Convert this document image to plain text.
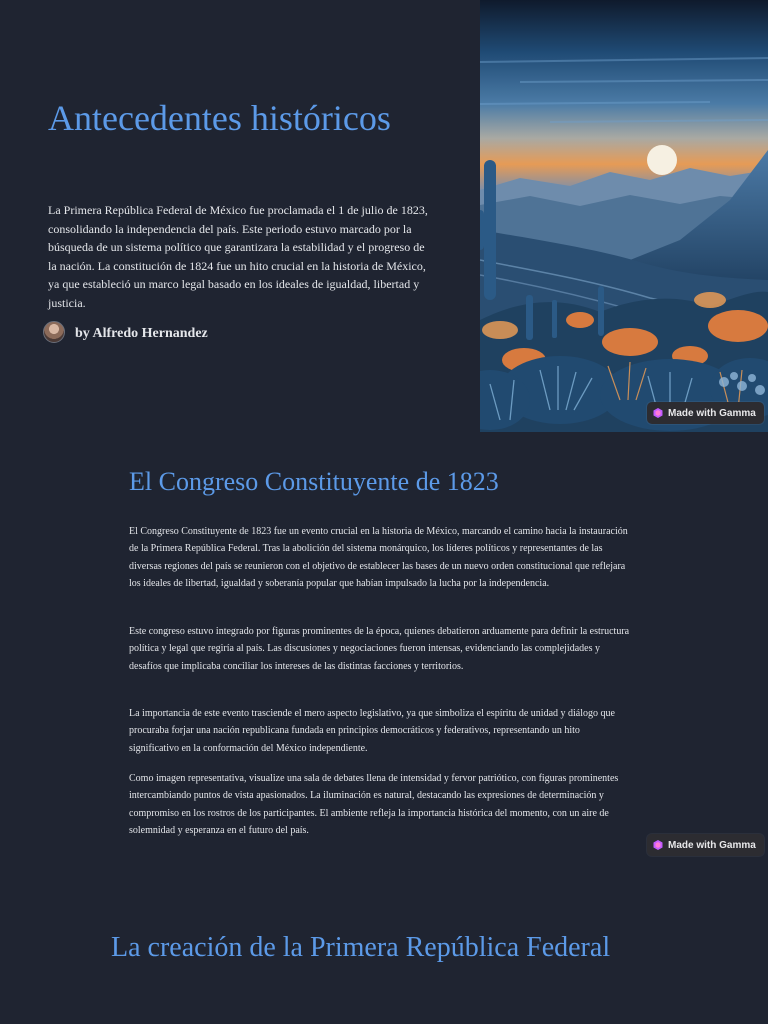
Antecedentes históricos

La Primera República Federal de México fue proclamada el 1 de julio de 1823, consolidando la independencia del país. Este periodo estuvo marcado por la búsqueda de un sistema político que garantizara la estabilidad y el progreso de la nación. La constitución de 1824 fue un hito crucial en la historia de México, ya que estableció un marco legal basado en los ideales de igualdad, libertad y justicia.

by Alfredo Hernandez
Made with Gamma
El Congreso Constituyente de 1823

El Congreso Constituyente de 1823 fue un evento crucial en la historia de México, marcando el camino hacia la instauración de la Primera República Federal. Tras la abolición del sistema monárquico, los líderes políticos y representantes de las diversas regiones del país se reunieron con el objetivo de establecer las bases de un nuevo orden constitucional que reflejara los ideales de libertad, igualdad y soberanía popular que habían impulsado la lucha por la independencia.

Este congreso estuvo integrado por figuras prominentes de la época, quienes debatieron arduamente para definir la estructura política y legal que regiría al país. Las discusiones y negociaciones fueron intensas, evidenciando las complejidades y desafíos que implicaba conciliar los intereses de las distintas facciones y territorios.

La importancia de este evento trasciende el mero aspecto legislativo, ya que simboliza el espíritu de unidad y diálogo que procuraba forjar una nación republicana fundada en principios democráticos y federativos, representando un hito significativo en la conformación del México independiente.

Como imagen representativa, visualize una sala de debates llena de intensidad y fervor patriótico, con figuras prominentes intercambiando puntos de vista apasionados. La iluminación es natural, destacando las expresiones de determinación y compromiso en los rostros de los participantes. El ambiente refleja la importancia histórica del momento, con un aire de solemnidad y esperanza en el futuro del país.

Made with Gamma
La creación de la Primera República Federal
